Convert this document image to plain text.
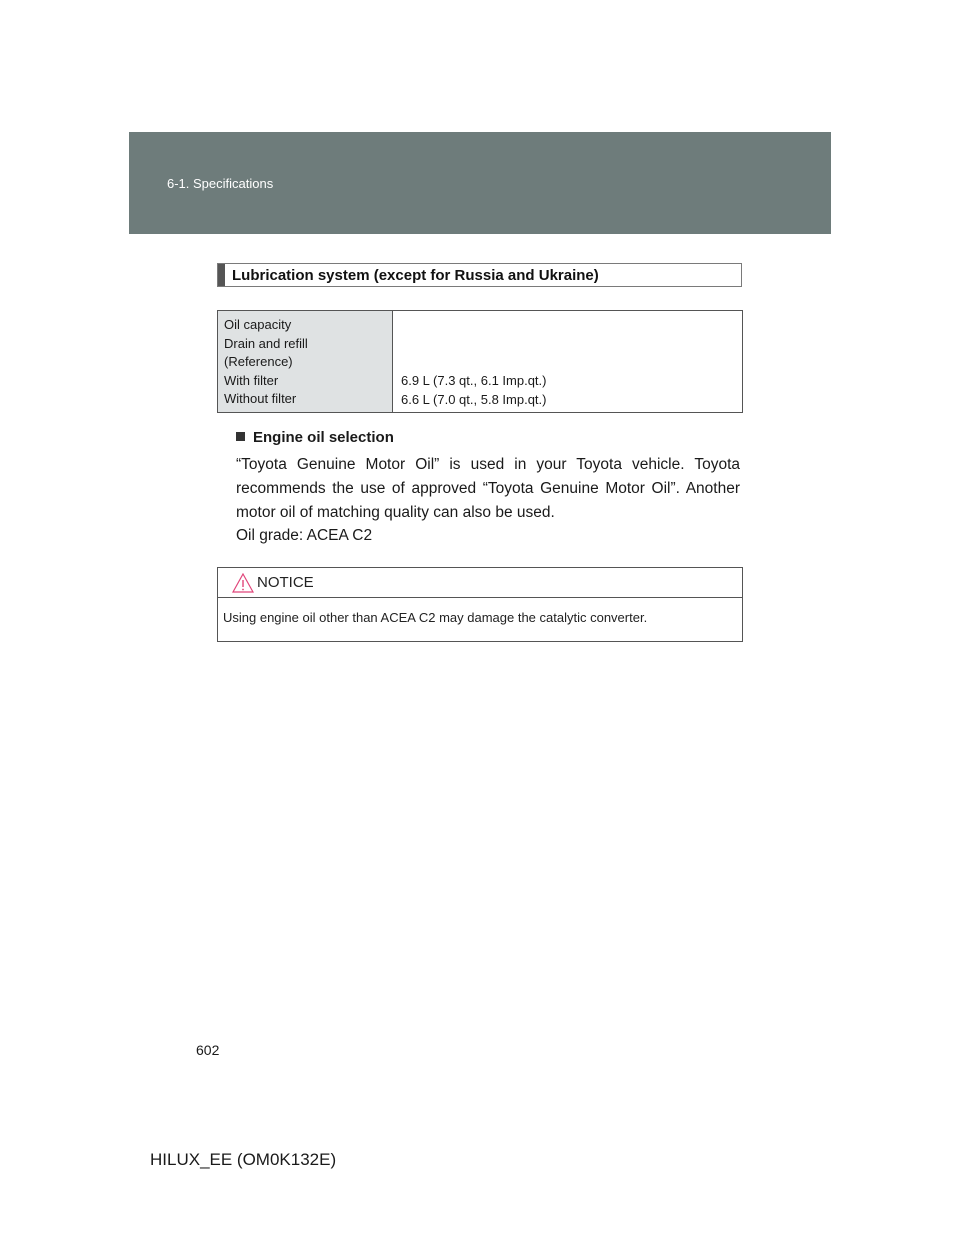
6-1. Specifications
Lubrication system (except for Russia and Ukraine)
Oil capacity
Drain and refill
(Reference)
With filter
Without filter
6.9 L (7.3 qt., 6.1 Imp.qt.)
6.6 L (7.0 qt., 5.8 Imp.qt.)
Engine oil selection
“Toyota Genuine Motor Oil” is used in your Toyota vehicle. Toyota recommends the use of approved “Toyota Genuine Motor Oil”. Another motor oil of matching quality can also be used.
Oil grade: ACEA C2
NOTICE
Using engine oil other than ACEA C2 may damage the catalytic converter.
602
HILUX_EE (OM0K132E)
